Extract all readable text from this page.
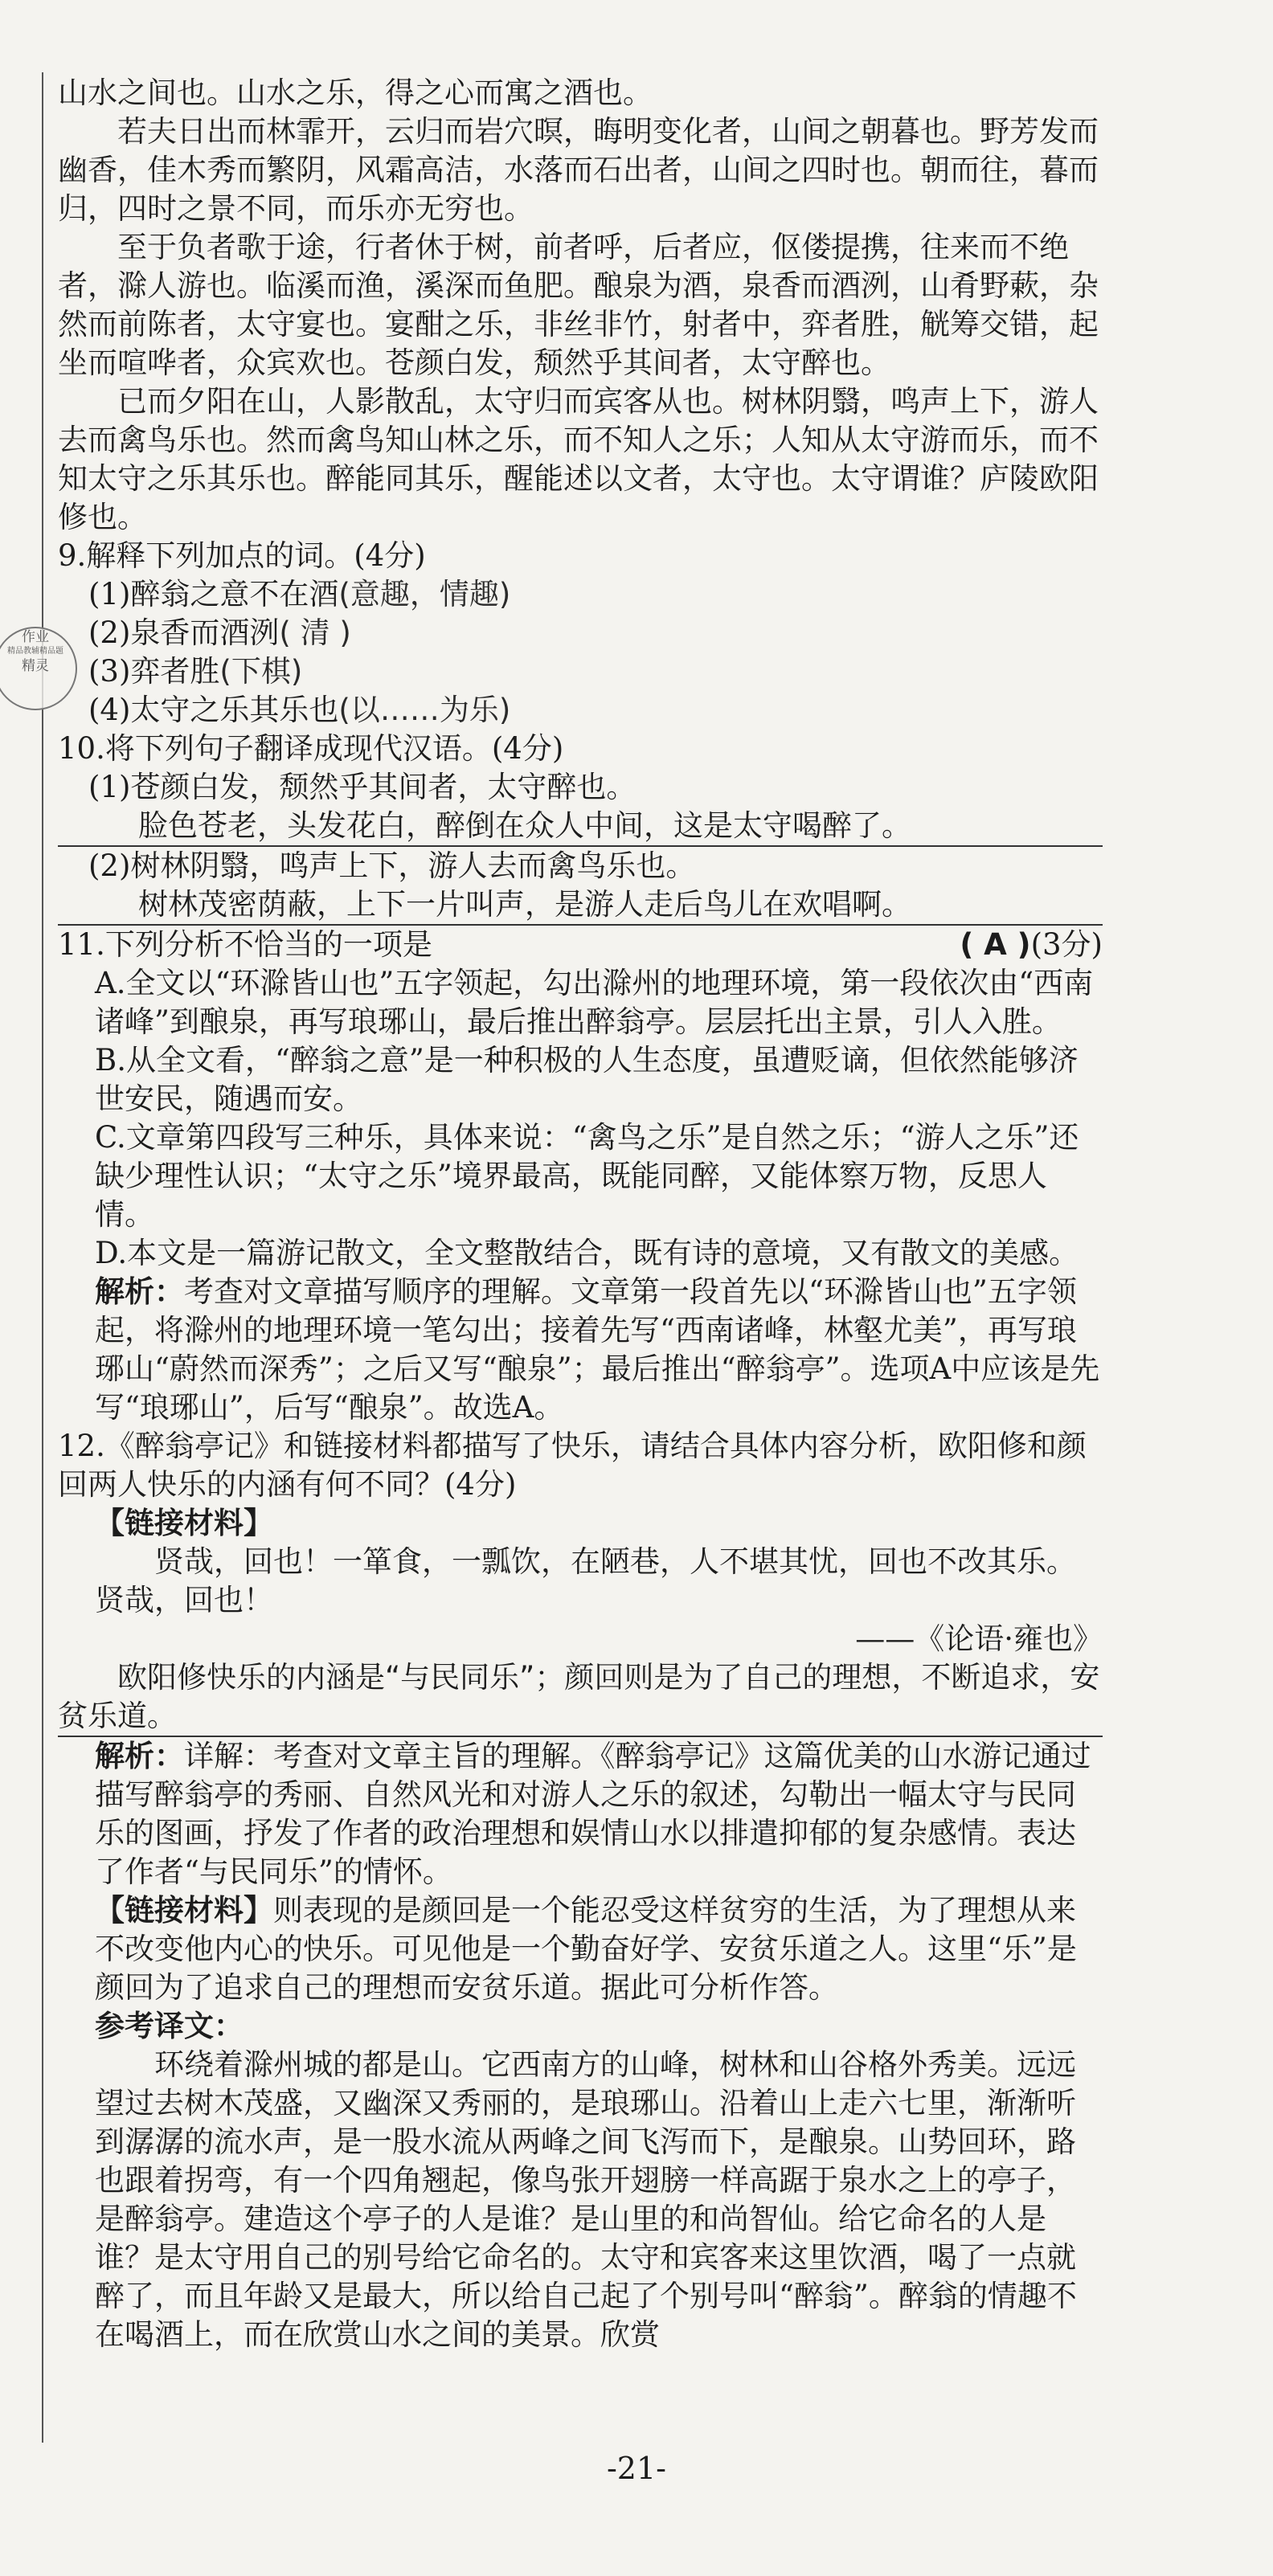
作业
精品教辅精品题
精灵

山水之间也。山水之乐，得之心而寓之酒也。

若夫日出而林霏开，云归而岩穴暝，晦明变化者，山间之朝暮也。野芳发而幽香，佳木秀而繁阴，风霜高洁，水落而石出者，山间之四时也。朝而往，暮而归，四时之景不同，而乐亦无穷也。

至于负者歌于途，行者休于树，前者呼，后者应，伛偻提携，往来而不绝者，滁人游也。临溪而渔，溪深而鱼肥。酿泉为酒，泉香而酒洌，山肴野蔌，杂然而前陈者，太守宴也。宴酣之乐，非丝非竹，射者中，弈者胜，觥筹交错，起坐而喧哗者，众宾欢也。苍颜白发，颓然乎其间者，太守醉也。

已而夕阳在山，人影散乱，太守归而宾客从也。树林阴翳，鸣声上下，游人去而禽鸟乐也。然而禽鸟知山林之乐，而不知人之乐；人知从太守游而乐，而不知太守之乐其乐也。醉能同其乐，醒能述以文者，太守也。太守谓谁？庐陵欧阳修也。

9.解释下列加点的词。(4分)

(1)醉翁之意不在酒(意趣，情趣)

(2)泉香而酒洌( 清 )

(3)弈者胜(下棋)

(4)太守之乐其乐也(以……为乐)

10.将下列句子翻译成现代汉语。(4分)

(1)苍颜白发，颓然乎其间者，太守醉也。

脸色苍老，头发花白，醉倒在众人中间，这是太守喝醉了。

(2)树林阴翳，鸣声上下，游人去而禽鸟乐也。

树林茂密荫蔽，上下一片叫声，是游人走后鸟儿在欢唱啊。

11.下列分析不恰当的一项是	( A )(3分)

A.全文以“环滁皆山也”五字领起，勾出滁州的地理环境，第一段依次由“西南诸峰”到酿泉，再写琅琊山，最后推出醉翁亭。层层托出主景，引人入胜。

B.从全文看，“醉翁之意”是一种积极的人生态度，虽遭贬谪，但依然能够济世安民，随遇而安。

C.文章第四段写三种乐，具体来说：“禽鸟之乐”是自然之乐；“游人之乐”还缺少理性认识；“太守之乐”境界最高，既能同醉，又能体察万物，反思人情。

D.本文是一篇游记散文，全文整散结合，既有诗的意境，又有散文的美感。

解析：考查对文章描写顺序的理解。文章第一段首先以“环滁皆山也”五字领起，将滁州的地理环境一笔勾出；接着先写“西南诸峰，林壑尤美”，再写琅琊山“蔚然而深秀”；之后又写“酿泉”；最后推出“醉翁亭”。选项A中应该是先写“琅琊山”，后写“酿泉”。故选A。

12.《醉翁亭记》和链接材料都描写了快乐，请结合具体内容分析，欧阳修和颜回两人快乐的内涵有何不同？(4分)

【链接材料】

贤哉，回也！一箪食，一瓢饮，在陋巷，人不堪其忧，回也不改其乐。贤哉，回也！

——《论语·雍也》

欧阳修快乐的内涵是“与民同乐”；颜回则是为了自己的理想，不断追求，安贫乐道。

解析：详解：考查对文章主旨的理解。《醉翁亭记》这篇优美的山水游记通过描写醉翁亭的秀丽、自然风光和对游人之乐的叙述，勾勒出一幅太守与民同乐的图画，抒发了作者的政治理想和娱情山水以排遣抑郁的复杂感情。表达了作者“与民同乐”的情怀。

【链接材料】则表现的是颜回是一个能忍受这样贫穷的生活，为了理想从来不改变他内心的快乐。可见他是一个勤奋好学、安贫乐道之人。这里“乐”是颜回为了追求自己的理想而安贫乐道。据此可分析作答。

参考译文：

环绕着滁州城的都是山。它西南方的山峰，树林和山谷格外秀美。远远望过去树木茂盛，又幽深又秀丽的，是琅琊山。沿着山上走六七里，渐渐听到潺潺的流水声，是一股水流从两峰之间飞泻而下，是酿泉。山势回环，路也跟着拐弯，有一个四角翘起，像鸟张开翅膀一样高踞于泉水之上的亭子，是醉翁亭。建造这个亭子的人是谁？是山里的和尚智仙。给它命名的人是谁？是太守用自己的别号给它命名的。太守和宾客来这里饮酒，喝了一点就醉了，而且年龄又是最大，所以给自己起了个别号叫“醉翁”。醉翁的情趣不在喝酒上，而在欣赏山水之间的美景。欣赏

-21-
